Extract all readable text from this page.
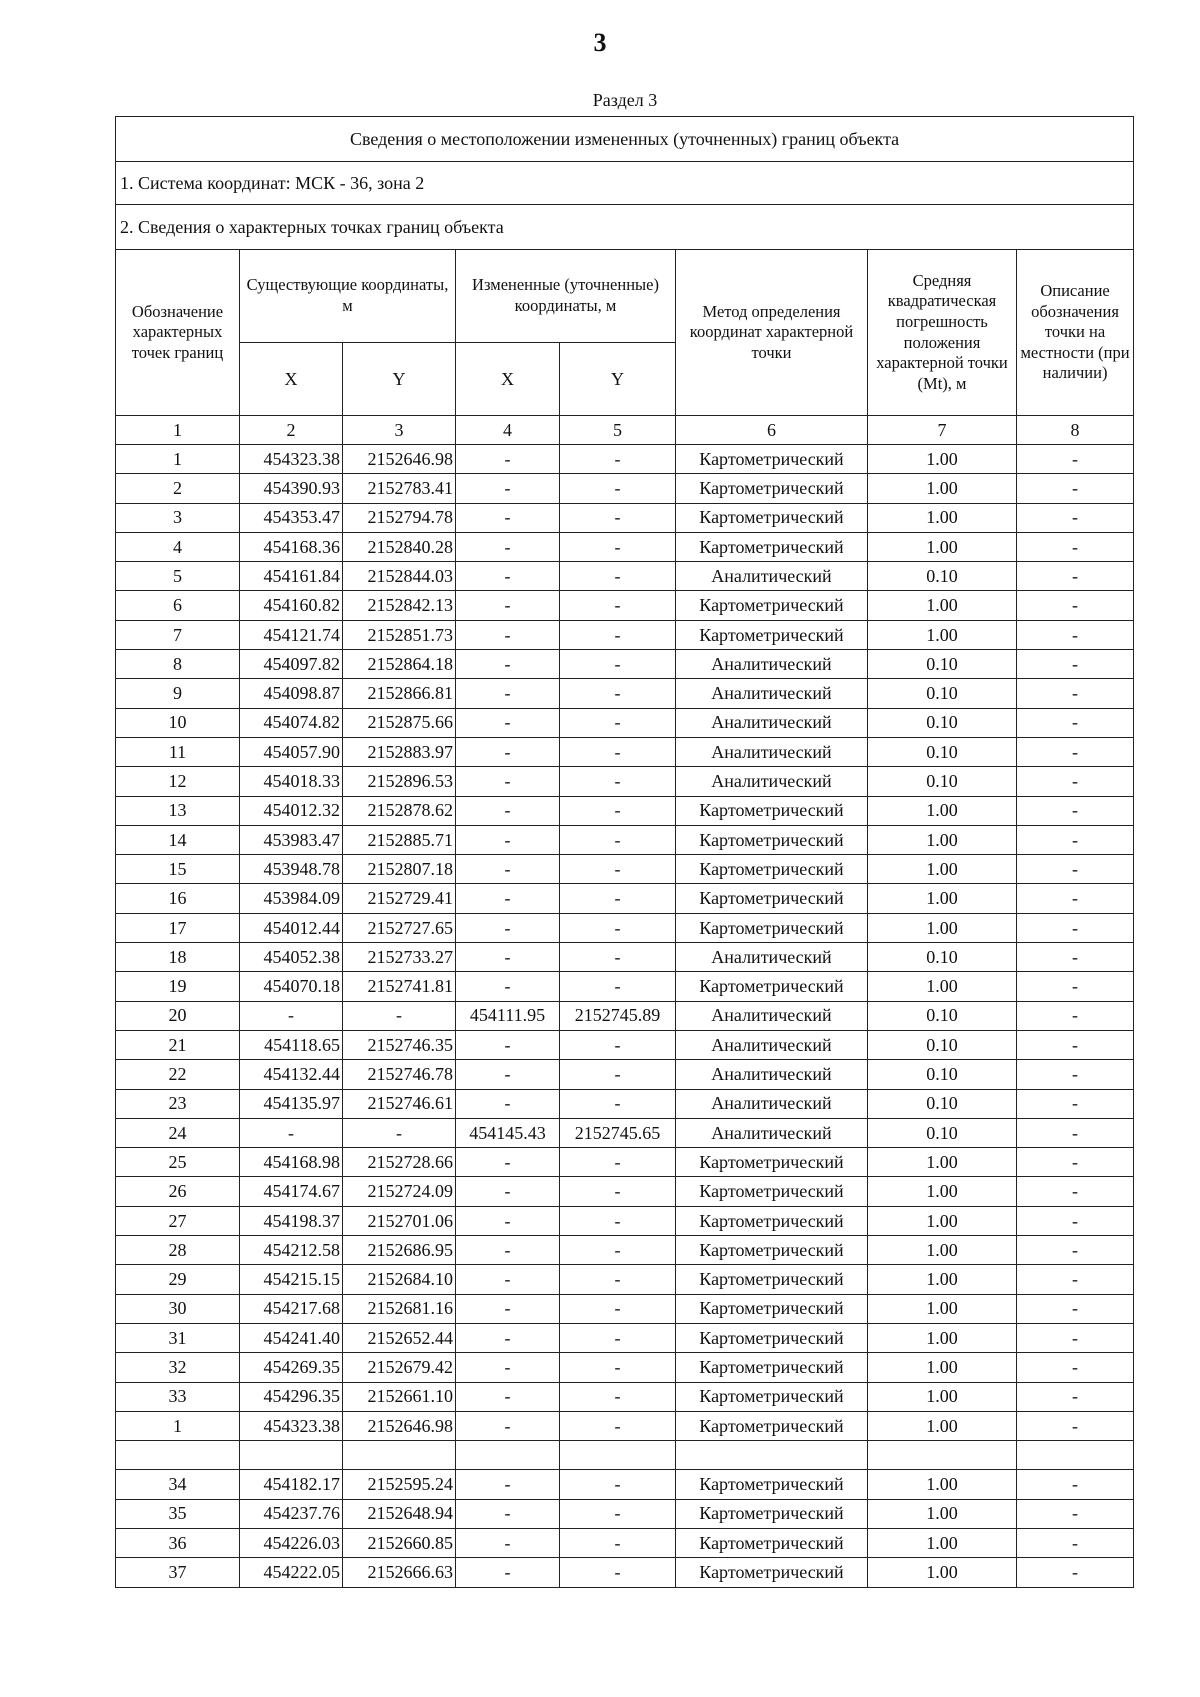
3
Раздел 3
Сведения о местоположении измененных (уточненных) границ объекта							
1. Система координат: МСК - 36, зона 2							
2. Сведения о характерных точках границ объекта							
Обозначение характерных точек границ	Существующие координаты, м		Измененные (уточненные) координаты, м		Метод определения координат характерной точки	Средняя квадратическая погрешность положения характерной точки (Mt), м	Описание обозначения точки на местности (при наличии)
	X	Y	X	Y			
1	2	3	4	5	6	7	8
1	454323.38	2152646.98	-	-	Картометрический	1.00	-
2	454390.93	2152783.41	-	-	Картометрический	1.00	-
3	454353.47	2152794.78	-	-	Картометрический	1.00	-
4	454168.36	2152840.28	-	-	Картометрический	1.00	-
5	454161.84	2152844.03	-	-	Аналитический	0.10	-
6	454160.82	2152842.13	-	-	Картометрический	1.00	-
7	454121.74	2152851.73	-	-	Картометрический	1.00	-
8	454097.82	2152864.18	-	-	Аналитический	0.10	-
9	454098.87	2152866.81	-	-	Аналитический	0.10	-
10	454074.82	2152875.66	-	-	Аналитический	0.10	-
11	454057.90	2152883.97	-	-	Аналитический	0.10	-
12	454018.33	2152896.53	-	-	Аналитический	0.10	-
13	454012.32	2152878.62	-	-	Картометрический	1.00	-
14	453983.47	2152885.71	-	-	Картометрический	1.00	-
15	453948.78	2152807.18	-	-	Картометрический	1.00	-
16	453984.09	2152729.41	-	-	Картометрический	1.00	-
17	454012.44	2152727.65	-	-	Картометрический	1.00	-
18	454052.38	2152733.27	-	-	Аналитический	0.10	-
19	454070.18	2152741.81	-	-	Картометрический	1.00	-
20	-	-	454111.95	2152745.89	Аналитический	0.10	-
21	454118.65	2152746.35	-	-	Аналитический	0.10	-
22	454132.44	2152746.78	-	-	Аналитический	0.10	-
23	454135.97	2152746.61	-	-	Аналитический	0.10	-
24	-	-	454145.43	2152745.65	Аналитический	0.10	-
25	454168.98	2152728.66	-	-	Картометрический	1.00	-
26	454174.67	2152724.09	-	-	Картометрический	1.00	-
27	454198.37	2152701.06	-	-	Картометрический	1.00	-
28	454212.58	2152686.95	-	-	Картометрический	1.00	-
29	454215.15	2152684.10	-	-	Картометрический	1.00	-
30	454217.68	2152681.16	-	-	Картометрический	1.00	-
31	454241.40	2152652.44	-	-	Картометрический	1.00	-
32	454269.35	2152679.42	-	-	Картометрический	1.00	-
33	454296.35	2152661.10	-	-	Картометрический	1.00	-
1	454323.38	2152646.98	-	-	Картометрический	1.00	-

34	454182.17	2152595.24	-	-	Картометрический	1.00	-
35	454237.76	2152648.94	-	-	Картометрический	1.00	-
36	454226.03	2152660.85	-	-	Картометрический	1.00	-
37	454222.05	2152666.63	-	-	Картометрический	1.00	-
